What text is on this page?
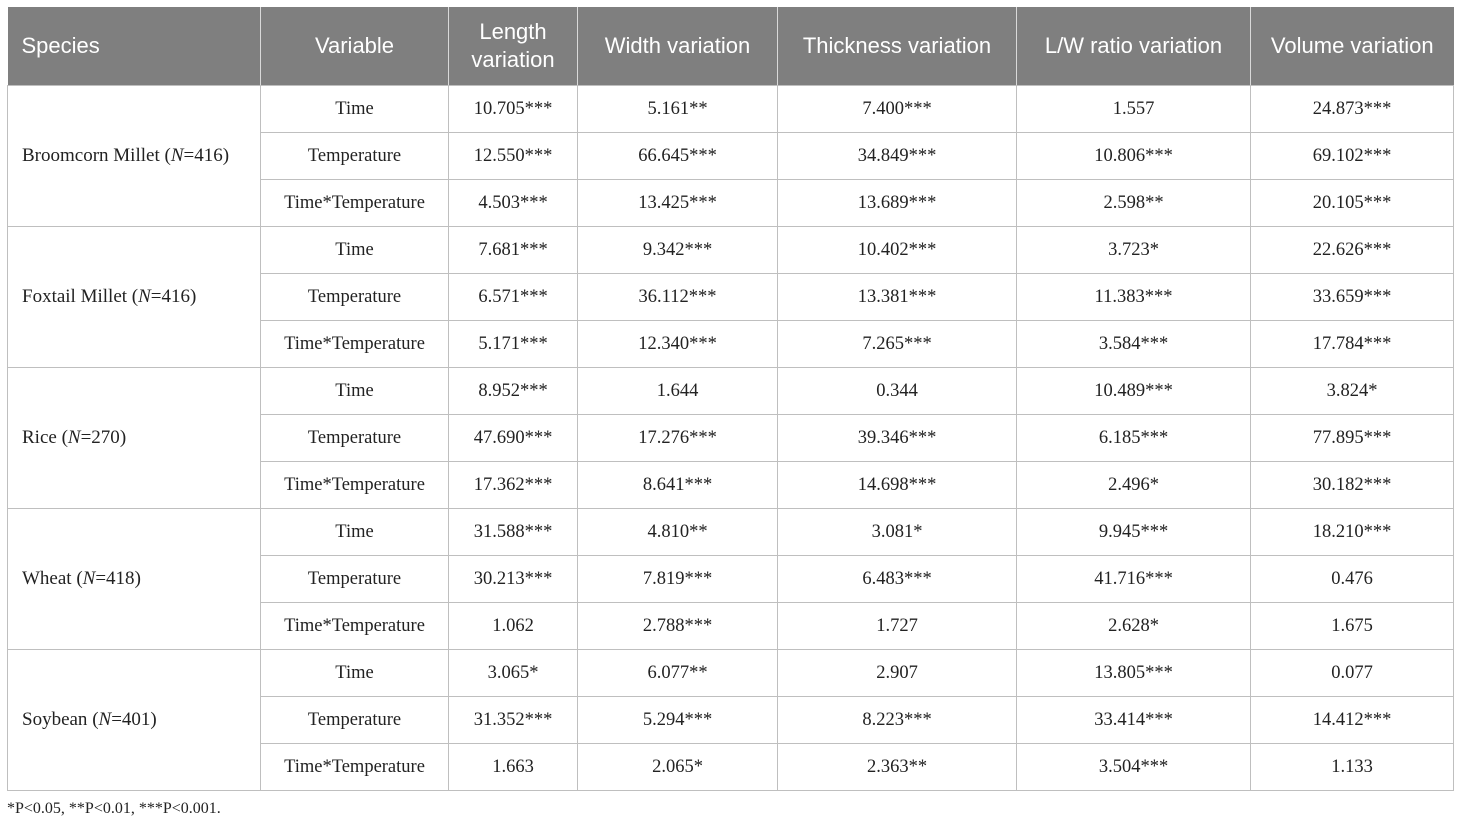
Species	Variable	Length variation	Width variation	Thickness variation	L/W ratio variation	Volume variation
Broomcorn Millet (N=416)	Time	10.705***	5.161**	7.400***	1.557	24.873***
	Temperature	12.550***	66.645***	34.849***	10.806***	69.102***
	Time*Temperature	4.503***	13.425***	13.689***	2.598**	20.105***
Foxtail Millet (N=416)	Time	7.681***	9.342***	10.402***	3.723*	22.626***
	Temperature	6.571***	36.112***	13.381***	11.383***	33.659***
	Time*Temperature	5.171***	12.340***	7.265***	3.584***	17.784***
Rice (N=270)	Time	8.952***	1.644	0.344	10.489***	3.824*
	Temperature	47.690***	17.276***	39.346***	6.185***	77.895***
	Time*Temperature	17.362***	8.641***	14.698***	2.496*	30.182***
Wheat (N=418)	Time	31.588***	4.810**	3.081*	9.945***	18.210***
	Temperature	30.213***	7.819***	6.483***	41.716***	0.476
	Time*Temperature	1.062	2.788***	1.727	2.628*	1.675
Soybean (N=401)	Time	3.065*	6.077**	2.907	13.805***	0.077
	Temperature	31.352***	5.294***	8.223***	33.414***	14.412***
	Time*Temperature	1.663	2.065*	2.363**	3.504***	1.133
*P<0.05, **P<0.01, ***P<0.001.
